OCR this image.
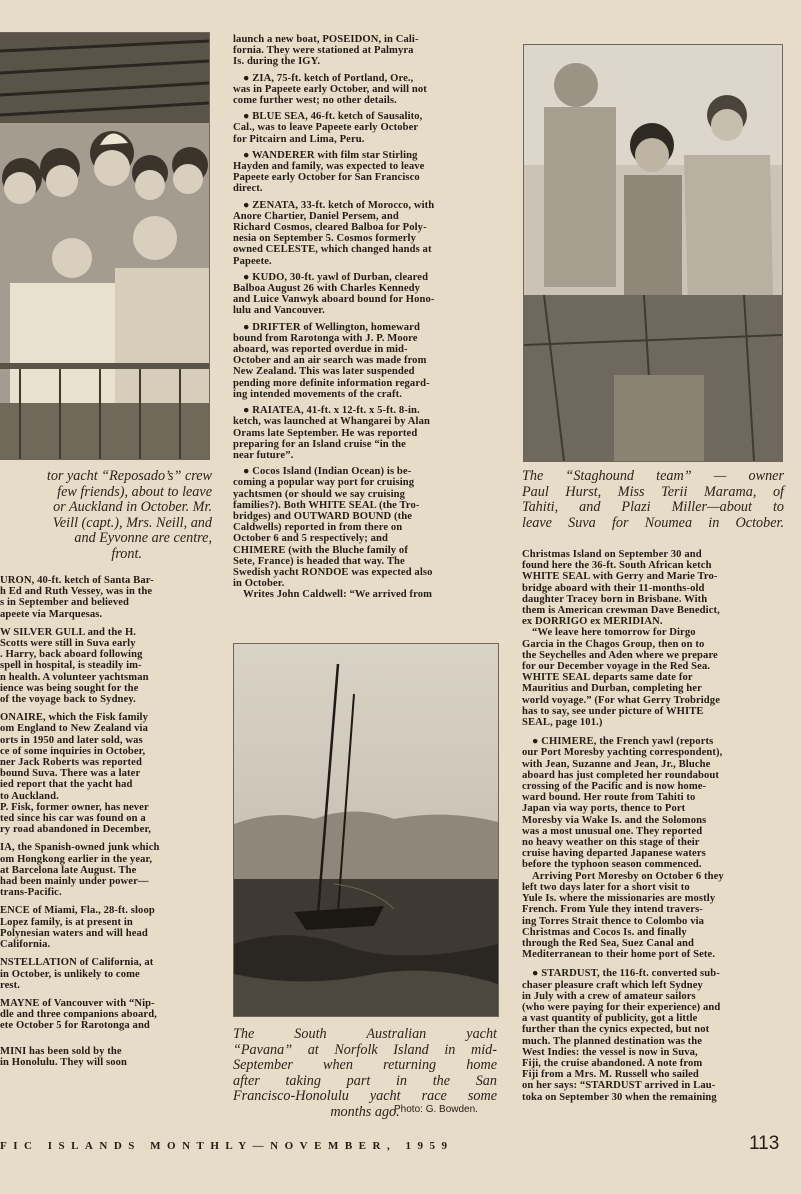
tor yacht “Reposado’s” crew
few friends), about to leave
or Auckland in October. Mr.
Veill (capt.), Mrs. Neill, and
and Eyvonne are centre,
front.

URON, 40-ft. ketch of Santa Bar-

h Ed and Ruth Vessey, was in the

s in September and believed

apeete via Marquesas.

W SILVER GULL and the H.

Scotts were still in Suva early

. Harry, back aboard following

spell in hospital, is steadily im-

n health. A volunteer yachtsman

ience was being sought for the

of the voyage back to Sydney.

ONAIRE, which the Fisk family

om England to New Zealand via

orts in 1950 and later sold, was

ce of some inquiries in October,

ner Jack Roberts was reported

bound Suva. There was a later

ied report that the yacht had

to Auckland.

P. Fisk, former owner, has never

ted since his car was found on a

ry road abandoned in December,

IA, the Spanish-owned junk which

om Hongkong earlier in the year,

at Barcelona late August. The

had been mainly under power—

trans-Pacific.

ENCE of Miami, Fla., 28-ft. sloop

Lopez family, is at present in

Polynesian waters and will head

California.

NSTELLATION of California, at

in October, is unlikely to come

rest.

MAYNE of Vancouver with “Nip-

dle and three companions aboard,

ete October 5 for Rarotonga and

MINI has been sold by the

in Honolulu. They will soon

launch a new boat, POSEIDON, in Cali-

fornia. They were stationed at Palmyra

Is. during the IGY.

● ZIA, 75-ft. ketch of Portland, Ore.,

was in Papeete early October, and will not

come further west; no other details.

● BLUE SEA, 46-ft. ketch of Sausalito,

Cal., was to leave Papeete early October

for Pitcairn and Lima, Peru.

● WANDERER with film star Stirling

Hayden and family, was expected to leave

Papeete early October for San Francisco

direct.

● ZENATA, 33-ft. ketch of Morocco, with

Anore Chartier, Daniel Persem, and

Richard Cosmos, cleared Balboa for Poly-

nesia on September 5. Cosmos formerly

owned CELESTE, which changed hands at

Papeete.

● KUDO, 30-ft. yawl of Durban, cleared

Balboa August 26 with Charles Kennedy

and Luice Vanwyk aboard bound for Hono-

lulu and Vancouver.

● DRIFTER of Wellington, homeward

bound from Rarotonga with J. P. Moore

aboard, was reported overdue in mid-

October and an air search was made from

New Zealand. This was later suspended

pending more definite information regard-

ing intended movements of the craft.

● RAIATEA, 41-ft. x 12-ft. x 5-ft. 8-in.

ketch, was launched at Whangarei by Alan

Orams late September. He was reported

preparing for an Island cruise “in the

near future”.

● Cocos Island (Indian Ocean) is be-

coming a popular way port for cruising

yachtsmen (or should we say cruising

families?). Both WHITE SEAL (the Tro-

bridges) and OUTWARD BOUND (the

Caldwells) reported in from there on

October 6 and 5 respectively; and

CHIMERE (with the Bluche family of

Sete, France) is headed that way. The

Swedish yacht RONDOE was expected also

in October.

Writes John Caldwell: “We arrived from

The South Australian yacht
“Pavana” at Norfolk Island in mid-
September when returning home
after taking part in the San
Francisco-Honolulu yacht race some
months ago.
Photo: G. Bowden.
The “Staghound team” — owner
Paul Hurst, Miss Terii Marama, of
Tahiti, and Plazi Miller—about to
leave Suva for Noumea in October.

Christmas Island on September 30 and

found here the 36-ft. South African ketch

WHITE SEAL with Gerry and Marie Tro-

bridge aboard with their 11-months-old

daughter Tracey born in Brisbane. With

them is American crewman Dave Benedict,

ex DORRIGO ex MERIDIAN.

“We leave here tomorrow for Dirgo

Garcia in the Chagos Group, then on to

the Seychelles and Aden where we prepare

for our December voyage in the Red Sea.

WHITE SEAL departs same date for

Mauritius and Durban, completing her

world voyage.” (For what Gerry Trobridge

has to say, see under picture of WHITE

SEAL, page 101.)

● CHIMERE, the French yawl (reports

our Port Moresby yachting correspondent),

with Jean, Suzanne and Jean, Jr., Bluche

aboard has just completed her roundabout

crossing of the Pacific and is now home-

ward bound. Her route from Tahiti to

Japan via way ports, thence to Port

Moresby via Wake Is. and the Solomons

was a most unusual one. They reported

no heavy weather on this stage of their

cruise having departed Japanese waters

before the typhoon season commenced.

Arriving Port Moresby on October 6 they

left two days later for a short visit to

Yule Is. where the missionaries are mostly

French. From Yule they intend travers-

ing Torres Strait thence to Colombo via

Christmas and Cocos Is. and finally

through the Red Sea, Suez Canal and

Mediterranean to their home port of Sete.

● STARDUST, the 116-ft. converted sub-

chaser pleasure craft which left Sydney

in July with a crew of amateur sailors

(who were paying for their experience) and

a vast quantity of publicity, got a little

further than the cynics expected, but not

much. The planned destination was the

West Indies: the vessel is now in Suva,

Fiji, the cruise abandoned. A note from

Fiji from a Mrs. M. Russell who sailed

on her says: “STARDUST arrived in Lau-

toka on September 30 when the remaining

FIC ISLANDS MONTHLY—NOVEMBER, 1959	113
